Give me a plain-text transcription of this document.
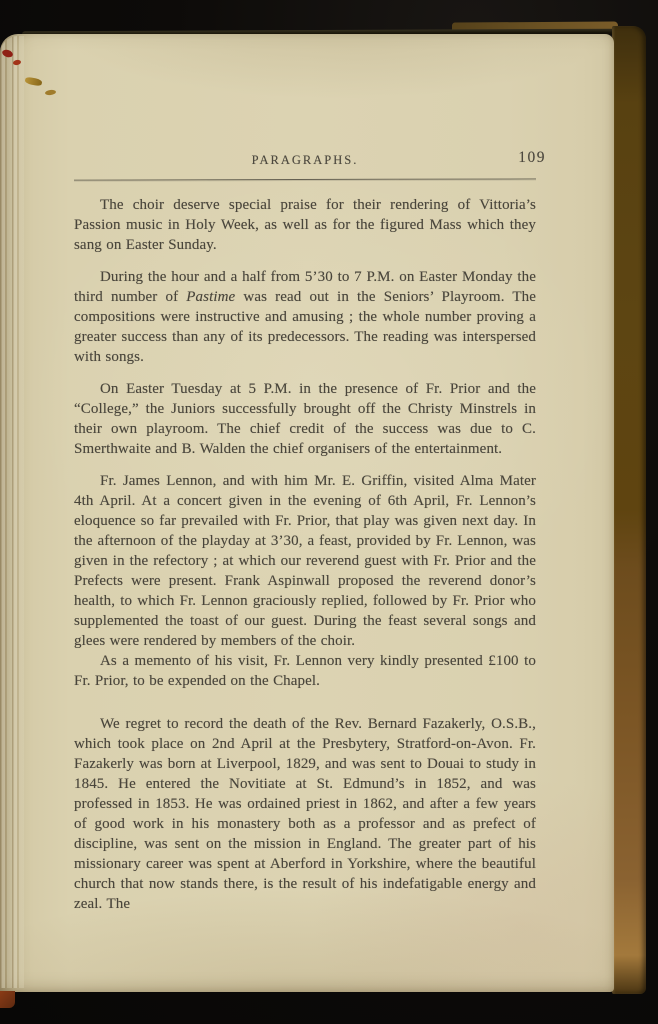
PARAGRAPHS.	109

The choir deserve special praise for their rendering of Vittoria’s Passion music in Holy Week, as well as for the figured Mass which they sang on Easter Sunday.

During the hour and a half from 5’30 to 7 P.M. on Easter Monday the third number of Pastime was read out in the Seniors’ Playroom. The compositions were instructive and amusing ; the whole number proving a greater success than any of its predecessors. The reading was interspersed with songs.

On Easter Tuesday at 5 P.M. in the presence of Fr. Prior and the “College,” the Juniors successfully brought off the Christy Minstrels in their own playroom. The chief credit of the success was due to C. Smerthwaite and B. Walden the chief organisers of the entertainment.

Fr. James Lennon, and with him Mr. E. Griffin, visited Alma Mater 4th April. At a concert given in the evening of 6th April, Fr. Lennon’s eloquence so far prevailed with Fr. Prior, that play was given next day. In the afternoon of the playday at 3’30, a feast, provided by Fr. Lennon, was given in the refectory ; at which our reverend guest with Fr. Prior and the Prefects were present. Frank Aspinwall proposed the reverend donor’s health, to which Fr. Lennon graciously replied, followed by Fr. Prior who supplemented the toast of our guest. During the feast several songs and glees were rendered by members of the choir.

As a memento of his visit, Fr. Lennon very kindly presented £100 to Fr. Prior, to be expended on the Chapel.

We regret to record the death of the Rev. Bernard Fazakerly, O.S.B., which took place on 2nd April at the Presbytery, Stratford-on-Avon. Fr. Fazakerly was born at Liverpool, 1829, and was sent to Douai to study in 1845. He entered the Novitiate at St. Edmund’s in 1852, and was professed in 1853. He was ordained priest in 1862, and after a few years of good work in his monastery both as a professor and as prefect of discipline, was sent on the mission in England. The greater part of his missionary career was spent at Aberford in Yorkshire, where the beautiful church that now stands there, is the result of his indefatigable energy and zeal. The
